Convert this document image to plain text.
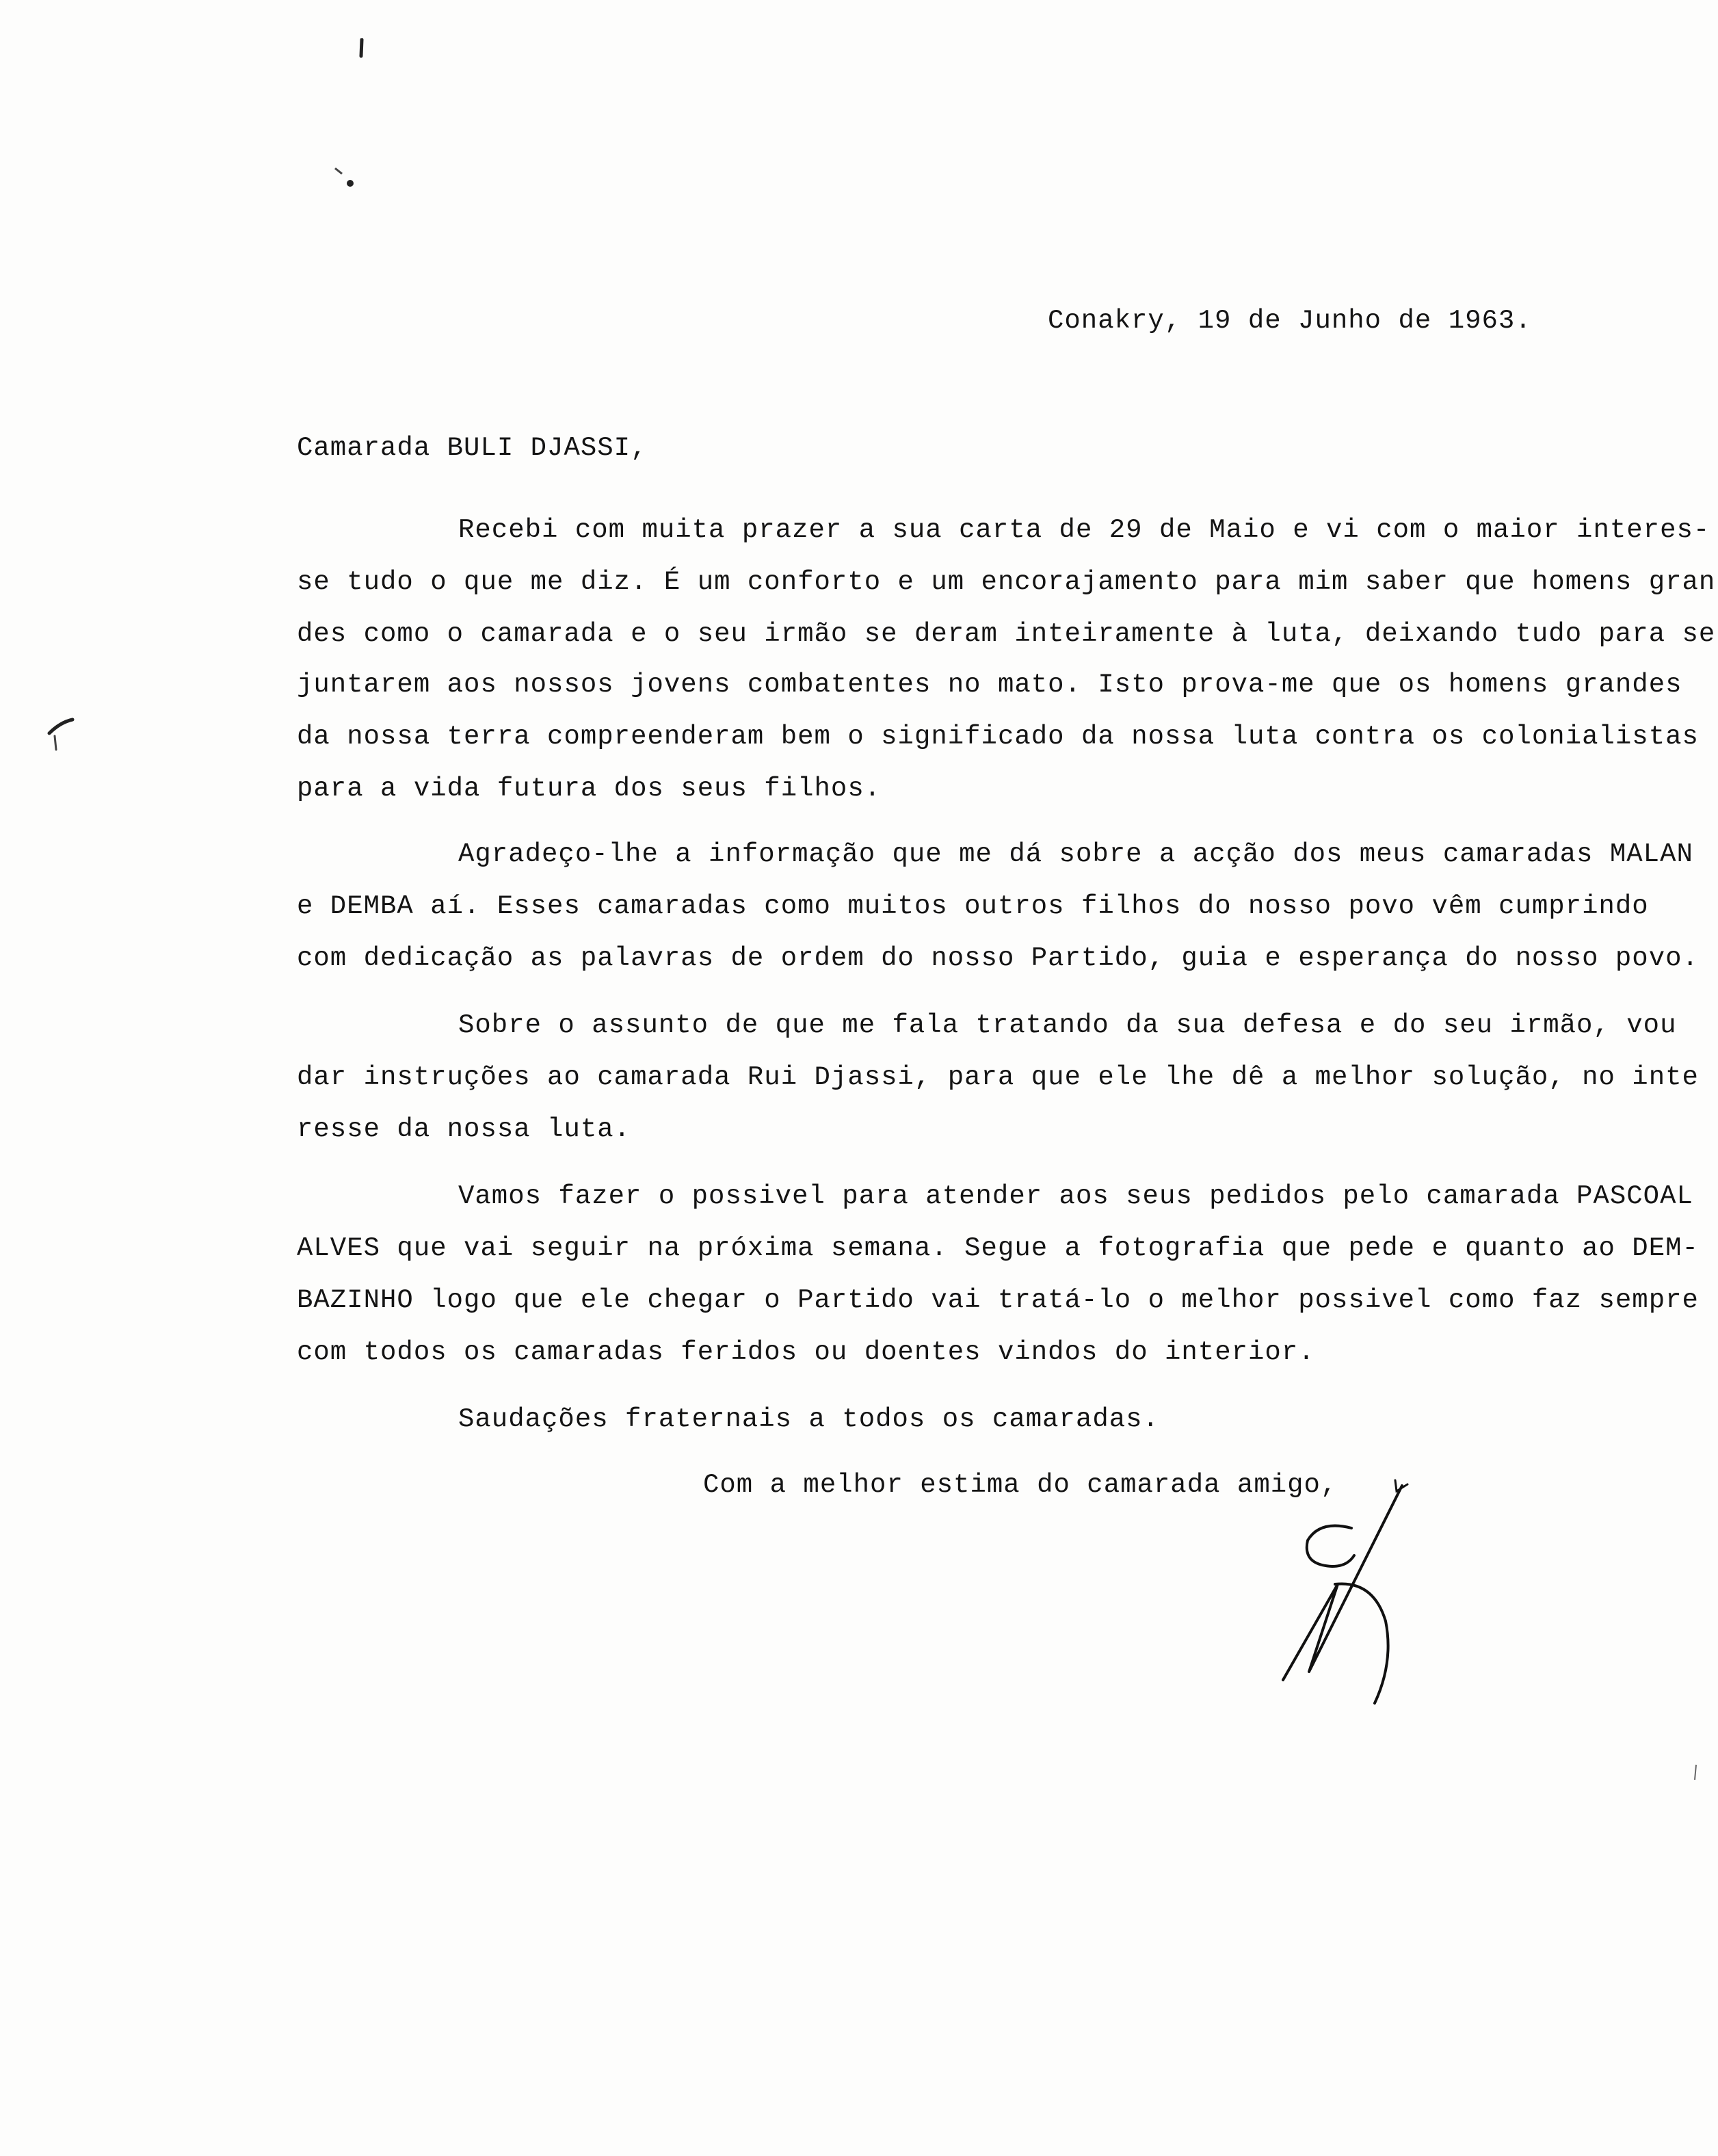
Conakry, 19 de Junho de 1963.
Camarada BULI DJASSI,
Recebi com muita prazer a sua carta de 29 de Maio e vi com o maior interes-
se tudo o que me diz. É um conforto e um encorajamento para mim saber que homens gran
des como o camarada e o seu irmão se deram inteiramente à luta, deixando tudo para se
juntarem aos nossos jovens combatentes no mato. Isto prova-me que os homens grandes
da nossa terra compreenderam bem o significado da nossa luta contra os colonialistas
para a vida futura dos seus filhos.
Agradeço-lhe a informação que me dá sobre a acção dos meus camaradas MALAN
e DEMBA aí. Esses camaradas como muitos outros filhos do nosso povo vêm cumprindo
com dedicação as palavras de ordem do nosso Partido, guia e esperança do nosso povo.
Sobre o assunto de que me fala tratando da sua defesa e do seu irmão, vou
dar instruções ao camarada Rui Djassi, para que ele lhe dê a melhor solução, no inte
resse da nossa luta.
Vamos fazer o possivel para atender aos seus pedidos pelo camarada PASCOAL
ALVES que vai seguir na próxima semana. Segue a fotografia que pede e quanto ao DEM-
BAZINHO logo que ele chegar o Partido vai tratá-lo o melhor possivel como faz sempre
com todos os camaradas feridos ou doentes vindos do interior.
Saudações fraternais a todos os camaradas.
Com a melhor estima do camarada amigo,
